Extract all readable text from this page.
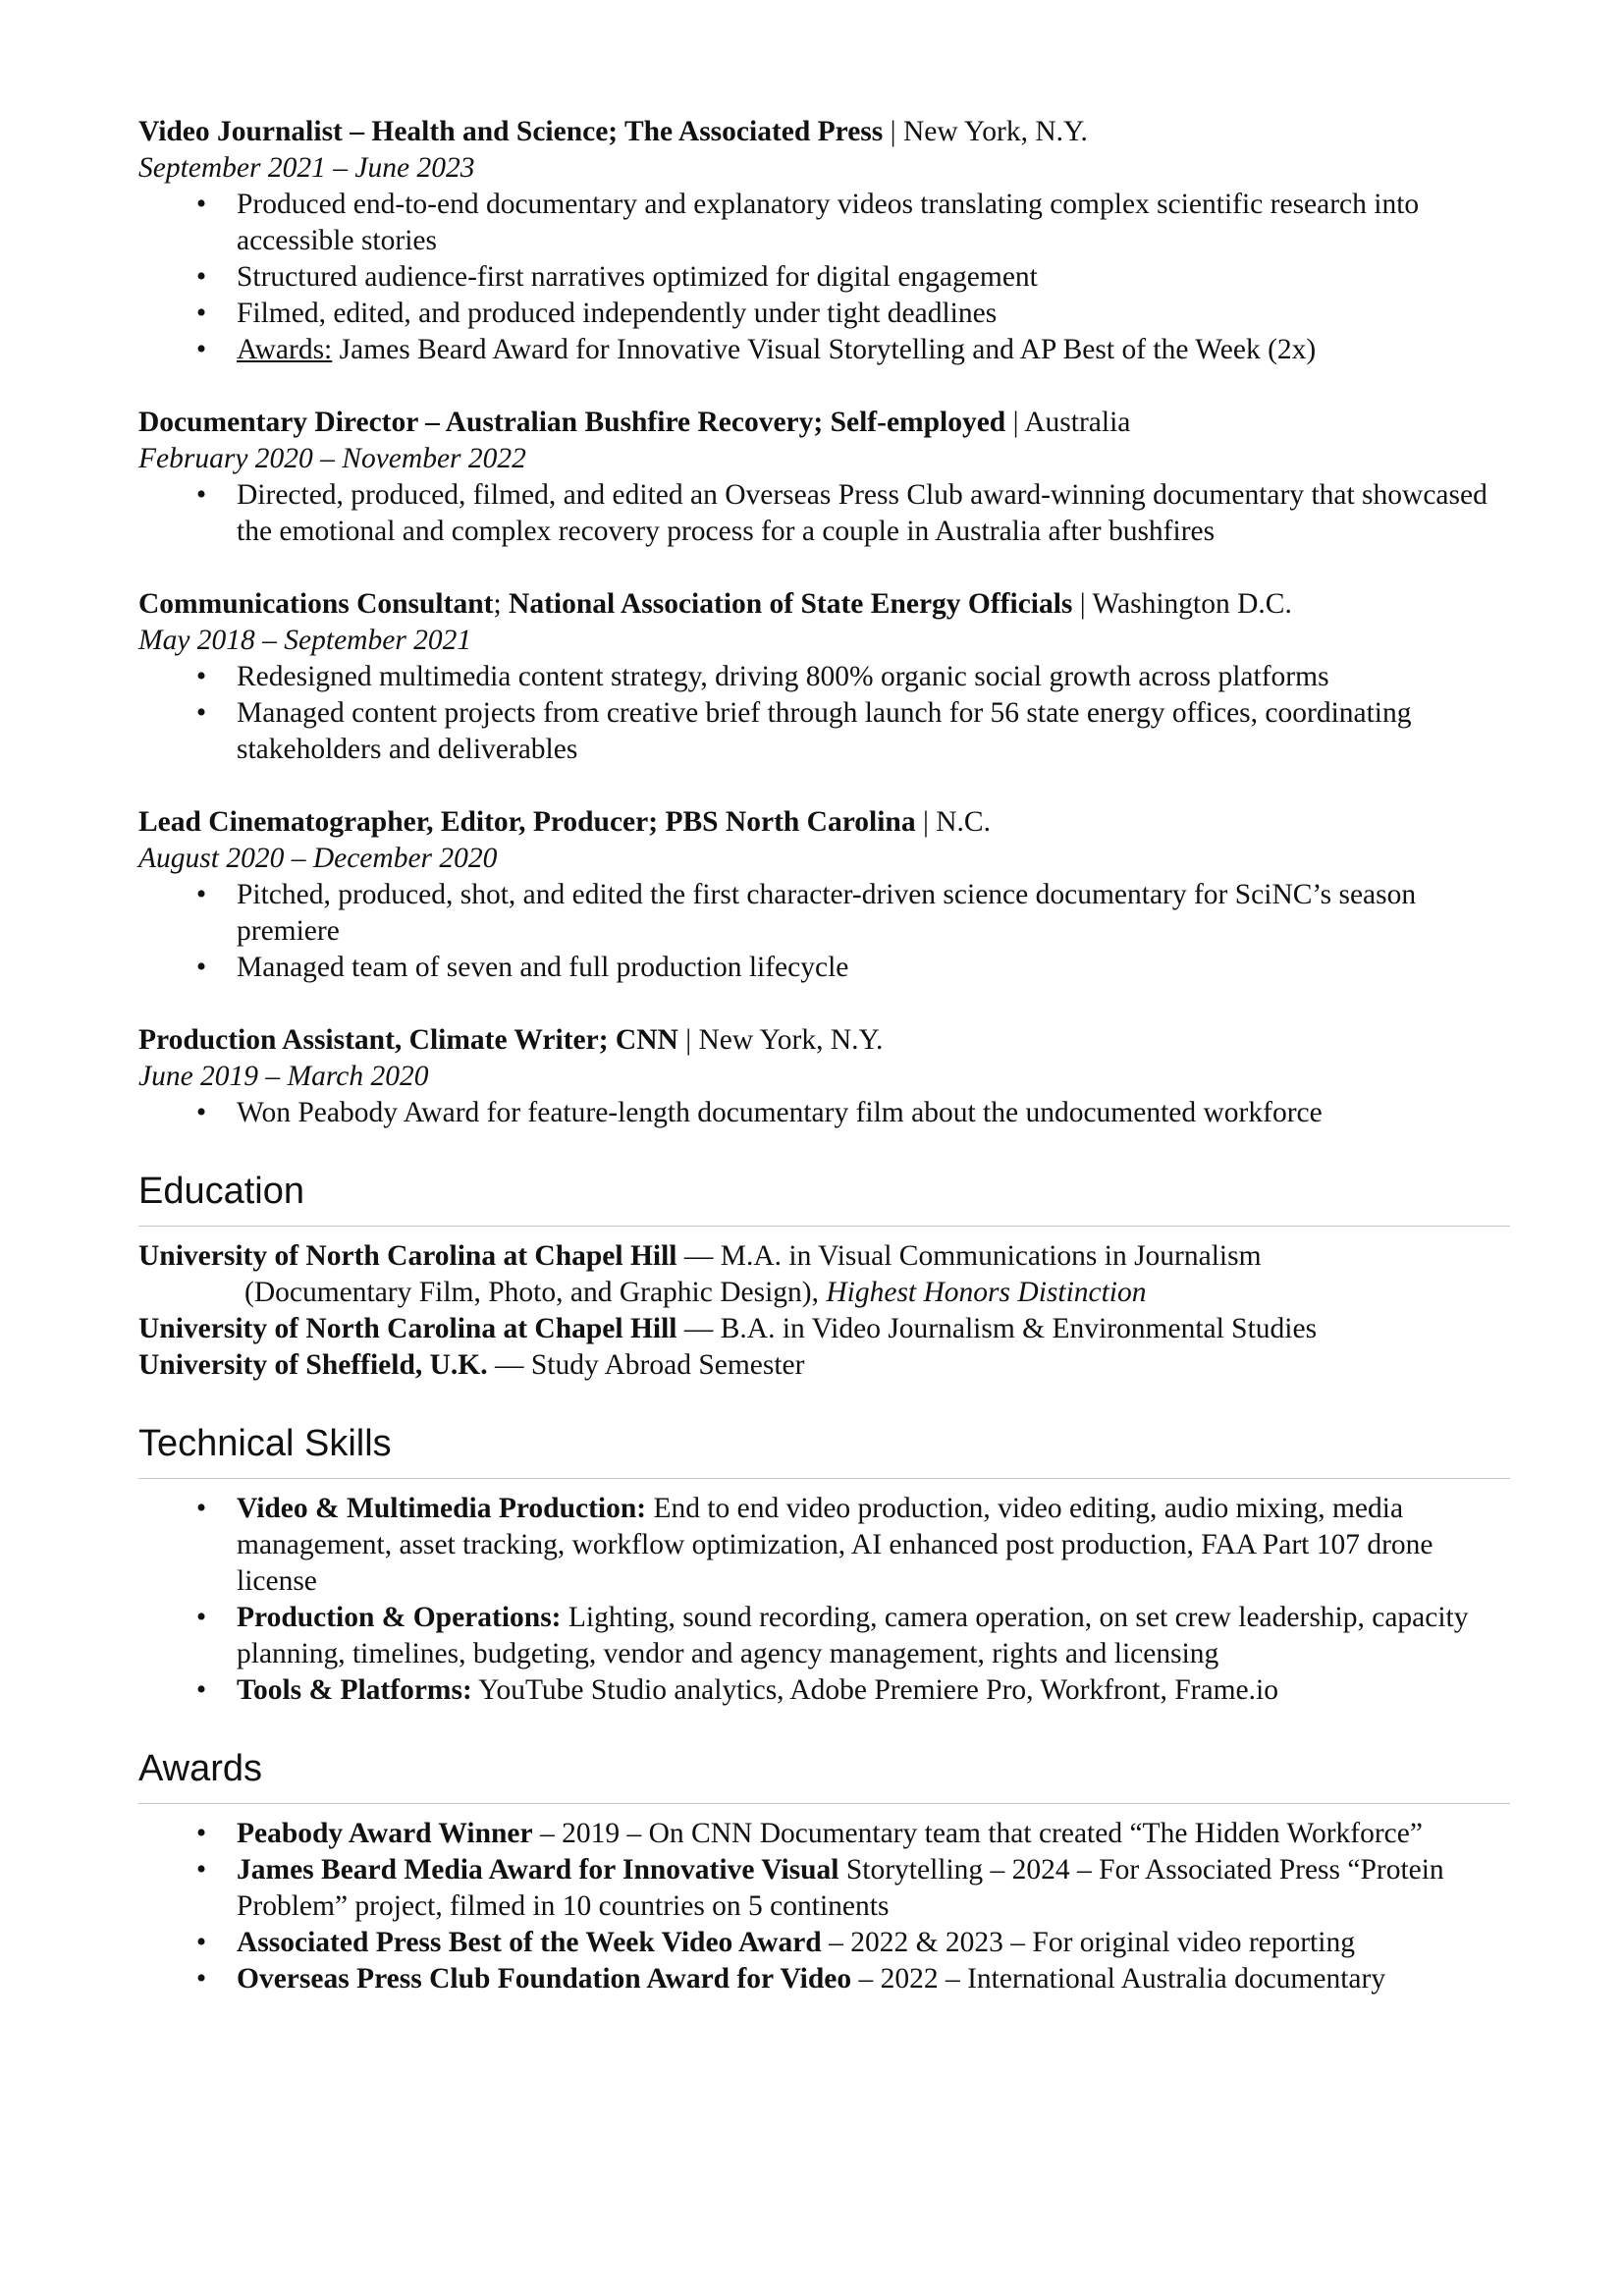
Video Journalist – Health and Science; The Associated Press | New York, N.Y.
September 2021 – June 2023
• Produced end-to-end documentary and explanatory videos translating complex scientific research into accessible stories
• Structured audience-first narratives optimized for digital engagement
• Filmed, edited, and produced independently under tight deadlines
• Awards: James Beard Award for Innovative Visual Storytelling and AP Best of the Week (2x)
Documentary Director – Australian Bushfire Recovery; Self-employed | Australia
February 2020 – November 2022
• Directed, produced, filmed, and edited an Overseas Press Club award-winning documentary that showcased the emotional and complex recovery process for a couple in Australia after bushfires
Communications Consultant; National Association of State Energy Officials | Washington D.C.
May 2018 – September 2021
• Redesigned multimedia content strategy, driving 800% organic social growth across platforms
• Managed content projects from creative brief through launch for 56 state energy offices, coordinating stakeholders and deliverables
Lead Cinematographer, Editor, Producer; PBS North Carolina | N.C.
August 2020 – December 2020
• Pitched, produced, shot, and edited the first character-driven science documentary for SciNC’s season premiere
• Managed team of seven and full production lifecycle
Production Assistant, Climate Writer; CNN | New York, N.Y.
June 2019 – March 2020
• Won Peabody Award for feature-length documentary film about the undocumented workforce
Education
University of North Carolina at Chapel Hill — M.A. in Visual Communications in Journalism
(Documentary Film, Photo, and Graphic Design), Highest Honors Distinction
University of North Carolina at Chapel Hill — B.A. in Video Journalism & Environmental Studies
University of Sheffield, U.K. — Study Abroad Semester
Technical Skills
• Video & Multimedia Production: End to end video production, video editing, audio mixing, media management, asset tracking, workflow optimization, AI enhanced post production, FAA Part 107 drone license
• Production & Operations: Lighting, sound recording, camera operation, on set crew leadership, capacity planning, timelines, budgeting, vendor and agency management, rights and licensing
• Tools & Platforms: YouTube Studio analytics, Adobe Premiere Pro, Workfront, Frame.io
Awards
• Peabody Award Winner – 2019 – On CNN Documentary team that created “The Hidden Workforce”
• James Beard Media Award for Innovative Visual Storytelling – 2024 – For Associated Press “Protein Problem” project, filmed in 10 countries on 5 continents
• Associated Press Best of the Week Video Award – 2022 & 2023 – For original video reporting
• Overseas Press Club Foundation Award for Video – 2022 – International Australia documentary
